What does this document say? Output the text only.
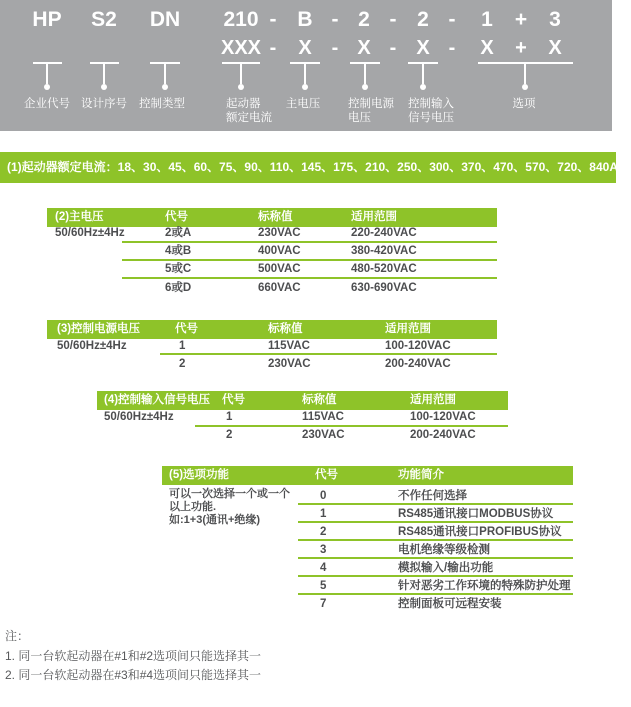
HP S2 DN 210 - B - 2 - 2 - 1 + 3
XXX - X - X - X - X + X
企业代号 设计序号 控制类型	起动器
额定电流
主电压 控制电源
电压
控制输入
信号电压
选项
(1)起动器额定电流：18、30、45、60、75、90、110、145、175、210、250、300、370、470、570、720、840A
(2)主电压	代号	标称值	适用范围
50/60Hz±4Hz	2或A	230VAC	220-240VAC
4或B	400VAC	380-420VAC
5或C	500VAC	480-520VAC
6或D	660VAC	630-690VAC
(3)控制电源电压	代号	标称值	适用范围
50/60Hz±4Hz	1	115VAC	100-120VAC
2	230VAC	200-240VAC
(4)控制输入信号电压 代号	标称值	适用范围
50/60Hz±4Hz	1	115VAC	100-120VAC
2	230VAC	200-240VAC
(5)选项功能	代号	功能简介
可以一次选择一个或一个
以上功能.
如:1+3(通讯+绝缘)
0	不作任何选择
1	RS485通讯接口MODBUS协议
2	RS485通讯接口PROFIBUS协议
3	电机绝缘等级检测
4	模拟输入/输出功能
5	针对恶劣工作环境的特殊防护处理
7	控制面板可远程安装
注：
1. 同一台软起动器在#1和#2选项间只能选择其一
2. 同一台软起动器在#3和#4选项间只能选择其一
